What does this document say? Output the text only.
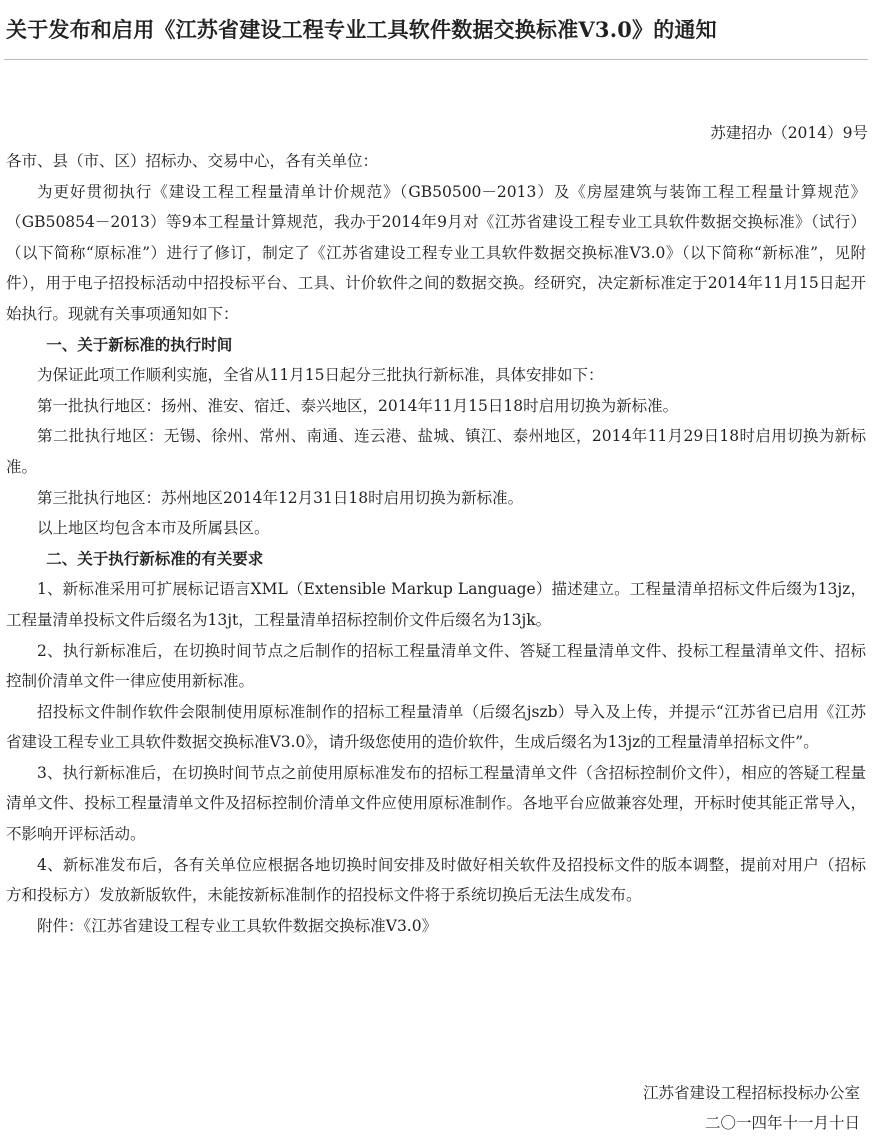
关于发布和启用《江苏省建设工程专业工具软件数据交换标准V3.0》的通知
苏建招办（2014）9号

各市、县（市、区）招标办、交易中心，各有关单位：

为更好贯彻执行《建设工程工程量清单计价规范》（GB50500－2013）及《房屋建筑与装饰工程工程量计算规范》（GB50854－2013）等9本工程量计算规范，我办于2014年9月对《江苏省建设工程专业工具软件数据交换标准》（试行）（以下简称“原标准”）进行了修订，制定了《江苏省建设工程专业工具软件数据交换标准V3.0》（以下简称“新标准”，见附件），用于电子招投标活动中招投标平台、工具、计价软件之间的数据交换。经研究，决定新标准定于2014年11月15日起开始执行。现就有关事项通知如下：

一、关于新标准的执行时间

为保证此项工作顺利实施，全省从11月15日起分三批执行新标准，具体安排如下：

第一批执行地区：扬州、淮安、宿迁、泰兴地区，2014年11月15日18时启用切换为新标准。

第二批执行地区：无锡、徐州、常州、南通、连云港、盐城、镇江、泰州地区，2014年11月29日18时启用切换为新标准。

第三批执行地区：苏州地区2014年12月31日18时启用切换为新标准。

以上地区均包含本市及所属县区。

二、关于执行新标准的有关要求

1、新标准采用可扩展标记语言XML（Extensible Markup Language）描述建立。工程量清单招标文件后缀为13jz，工程量清单投标文件后缀名为13jt，工程量清单招标控制价文件后缀名为13jk。

2、执行新标准后，在切换时间节点之后制作的招标工程量清单文件、答疑工程量清单文件、投标工程量清单文件、招标控制价清单文件一律应使用新标准。

招投标文件制作软件会限制使用原标准制作的招标工程量清单（后缀名jszb）导入及上传，并提示“江苏省已启用《江苏省建设工程专业工具软件数据交换标准V3.0》，请升级您使用的造价软件，生成后缀名为13jz的工程量清单招标文件”。

3、执行新标准后，在切换时间节点之前使用原标准发布的招标工程量清单文件（含招标控制价文件），相应的答疑工程量清单文件、投标工程量清单文件及招标控制价清单文件应使用原标准制作。各地平台应做兼容处理，开标时使其能正常导入，不影响开评标活动。

4、新标准发布后，各有关单位应根据各地切换时间安排及时做好相关软件及招投标文件的版本调整，提前对用户（招标方和投标方）发放新版软件，未能按新标准制作的招投标文件将于系统切换后无法生成发布。

附件：《江苏省建设工程专业工具软件数据交换标准V3.0》

江苏省建设工程招标投标办公室
二〇一四年十一月十日
